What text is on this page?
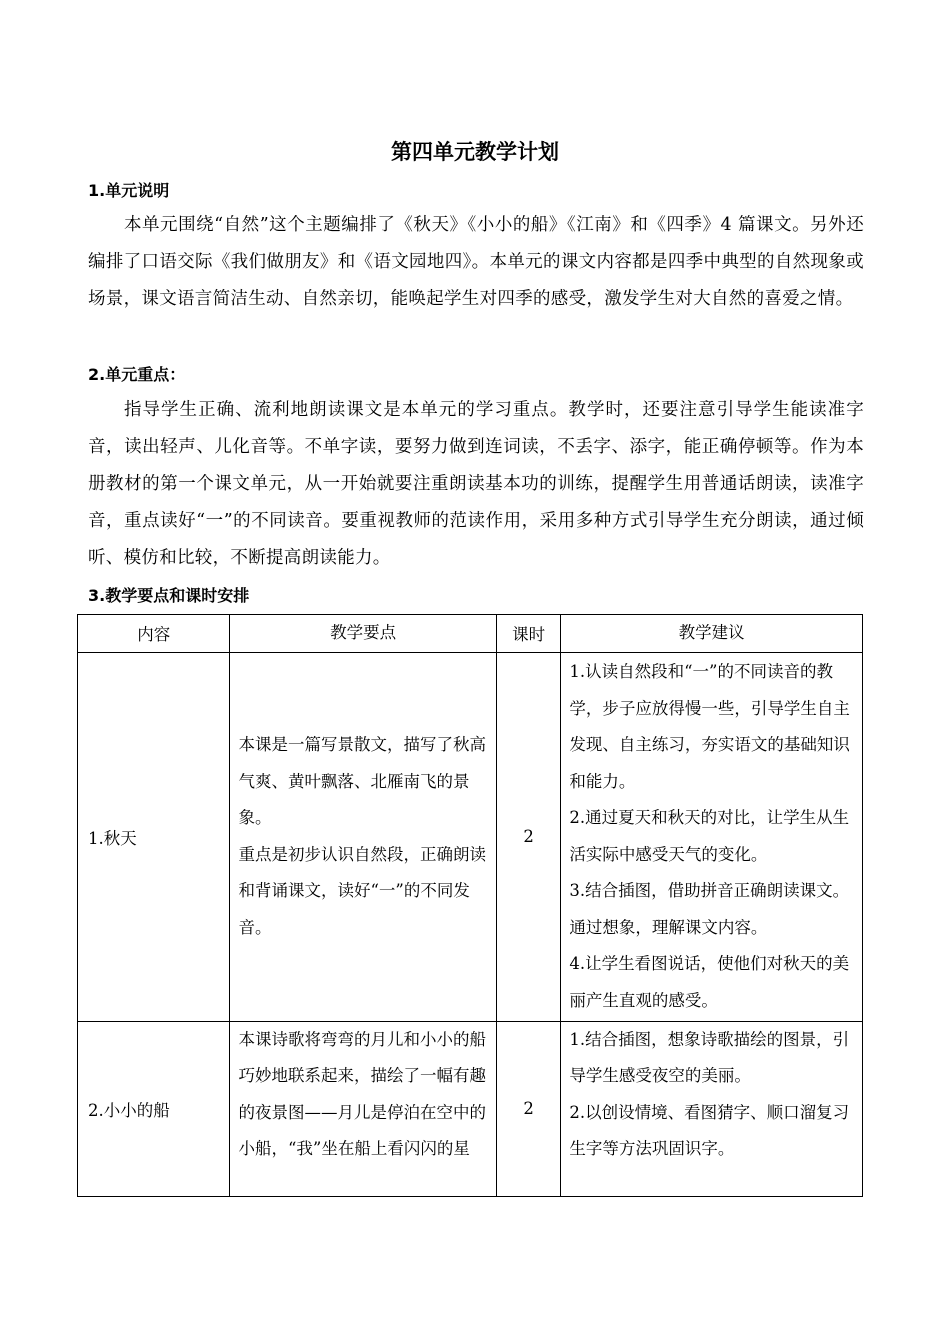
第四单元教学计划
1.单元说明
本单元围绕“自然”这个主题编排了《秋天》《小小的船》《江南》和《四季》4 篇课文。另外还编排了口语交际《我们做朋友》和《语文园地四》。本单元的课文内容都是四季中典型的自然现象或场景，课文语言简洁生动、自然亲切，能唤起学生对四季的感受，激发学生对大自然的喜爱之情。
2.单元重点：
指导学生正确、流利地朗读课文是本单元的学习重点。教学时，还要注意引导学生能读准字音，读出轻声、儿化音等。不单字读，要努力做到连词读，不丢字、添字，能正确停顿等。作为本册教材的第一个课文单元，从一开始就要注重朗读基本功的训练，提醒学生用普通话朗读，读准字音，重点读好“一”的不同读音。要重视教师的范读作用，采用多种方式引导学生充分朗读，通过倾听、模仿和比较，不断提高朗读能力。
3.教学要点和课时安排
内容	教学要点	课时	教学建议
1.秋天	本课是一篇写景散文，描写了秋高气爽、黄叶飘落、北雁南飞的景象。
重点是初步认识自然段，正确朗读和背诵课文，读好“一”的不同发音。	2	1.认读自然段和“一”的不同读音的教学，步子应放得慢一些，引导学生自主发现、自主练习，夯实语文的基础知识和能力。
2.通过夏天和秋天的对比，让学生从生活实际中感受天气的变化。
3.结合插图，借助拼音正确朗读课文。通过想象，理解课文内容。
4.让学生看图说话，使他们对秋天的美丽产生直观的感受。

2.小小的船	本课诗歌将弯弯的月儿和小小的船巧妙地联系起来，描绘了一幅有趣的夜景图——月儿是停泊在空中的小船，“我”坐在船上看闪闪的星	2	1.结合插图，想象诗歌描绘的图景，引导学生感受夜空的美丽。
2.以创设情境、看图猜字、顺口溜复习生字等方法巩固识字。
